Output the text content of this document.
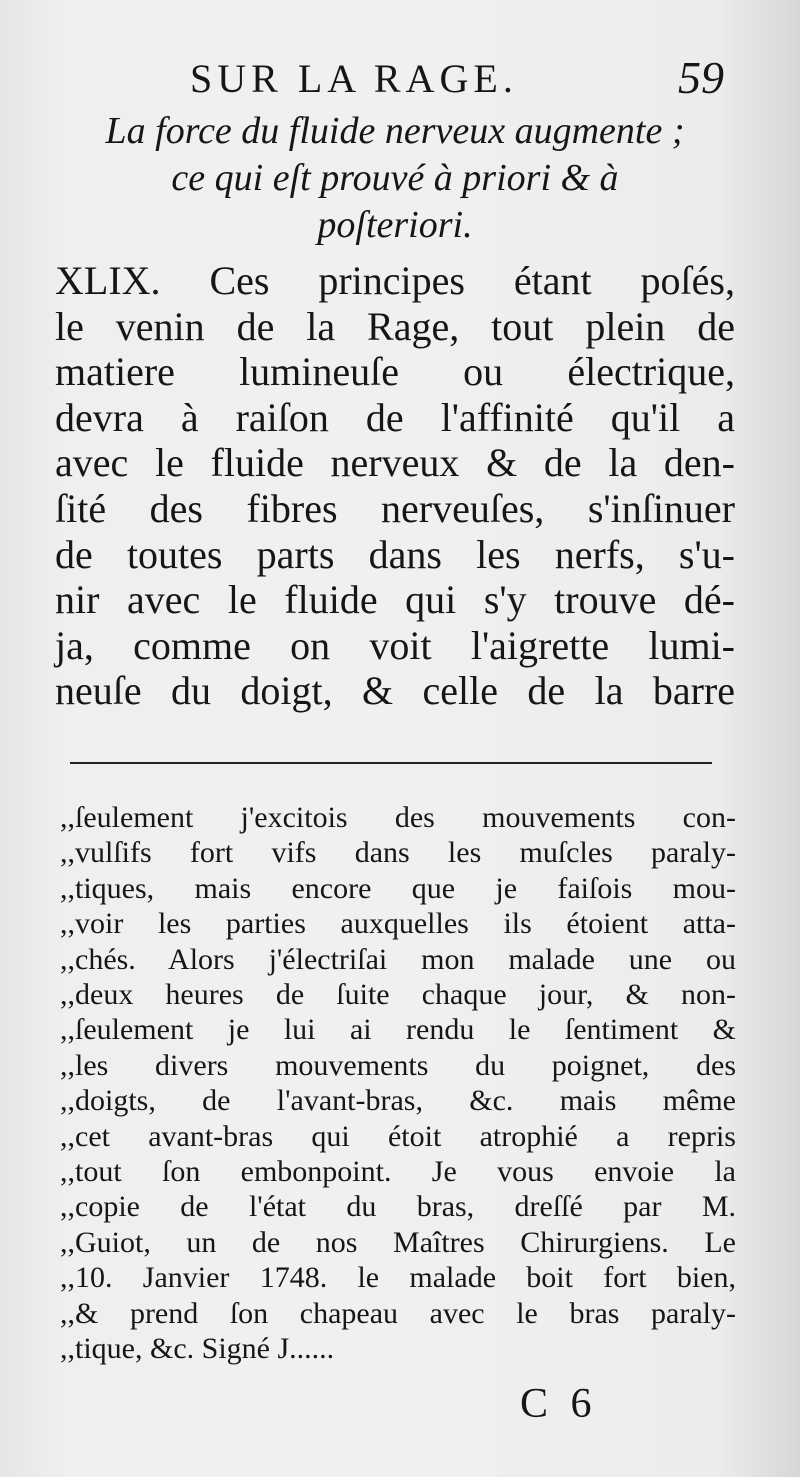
SUR LA RAGE.	59
La force du fluide nerveux augmente ;
ce qui eſt prouvé à priori & à
poſteriori.
XLIX. Ces principes étant poſés,
le venin de la Rage, tout plein de
matiere lumineuſe ou électrique,
devra à raiſon de l'affinité qu'il a
avec le fluide nerveux & de la den-
ſité des fibres nerveuſes, s'inſinuer
de toutes parts dans les nerfs, s'u-
nir avec le fluide qui s'y trouve dé-
ja, comme on voit l'aigrette lumi-
neuſe du doigt, & celle de la barre
,,ſeulement j'excitois des mouvements con-
,,vulſifs fort vifs dans les muſcles paraly-
,,tiques, mais encore que je faiſois mou-
,,voir les parties auxquelles ils étoient atta-
,,chés. Alors j'électriſai mon malade une ou
,,deux heures de ſuite chaque jour, & non-
,,ſeulement je lui ai rendu le ſentiment &
,,les divers mouvements du poignet, des
,,doigts, de l'avant-bras, &c. mais même
,,cet avant-bras qui étoit atrophié a repris
,,tout ſon embonpoint. Je vous envoie la
,,copie de l'état du bras, dreſſé par M.
,,Guiot, un de nos Maîtres Chirurgiens. Le
,,10. Janvier 1748. le malade boit fort bien,
,,& prend ſon chapeau avec le bras paraly-
,,tique, &c. Signé J......
C 6
